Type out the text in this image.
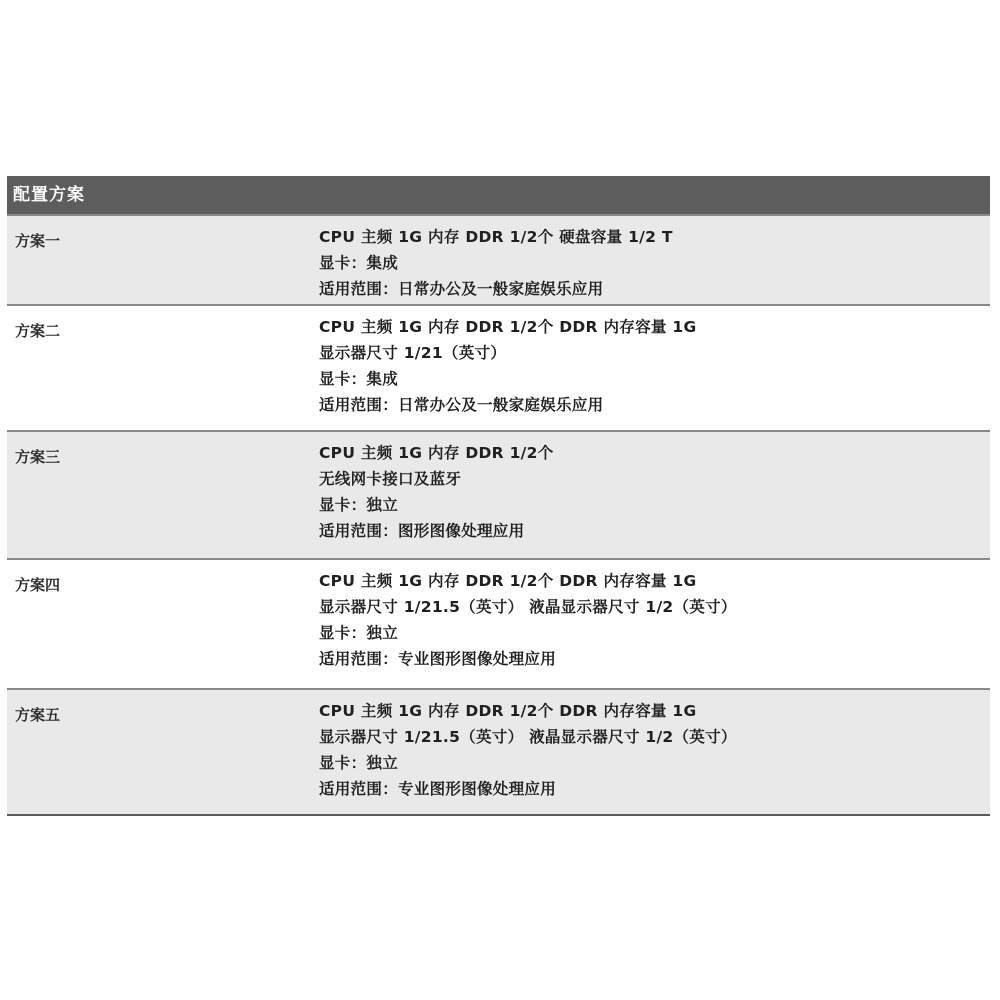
配置方案
方案一	CPU 主频 1G 内存 DDR 1/2个 硬盘容量 1/2 T
显卡：集成
适用范围：日常办公及一般家庭娱乐应用
方案二	CPU 主频 1G 内存 DDR 1/2个 DDR 内存容量 1G
显示器尺寸 1/21（英寸）
显卡：集成
适用范围：日常办公及一般家庭娱乐应用
方案三	CPU 主频 1G 内存 DDR 1/2个
无线网卡接口及蓝牙
显卡：独立
适用范围：图形图像处理应用
方案四	CPU 主频 1G 内存 DDR 1/2个 DDR 内存容量 1G
显示器尺寸 1/21.5（英寸） 液晶显示器尺寸 1/2（英寸）
显卡：独立
适用范围：专业图形图像处理应用
方案五	CPU 主频 1G 内存 DDR 1/2个 DDR 内存容量 1G
显示器尺寸 1/21.5（英寸） 液晶显示器尺寸 1/2（英寸）
显卡：独立
适用范围：专业图形图像处理应用
